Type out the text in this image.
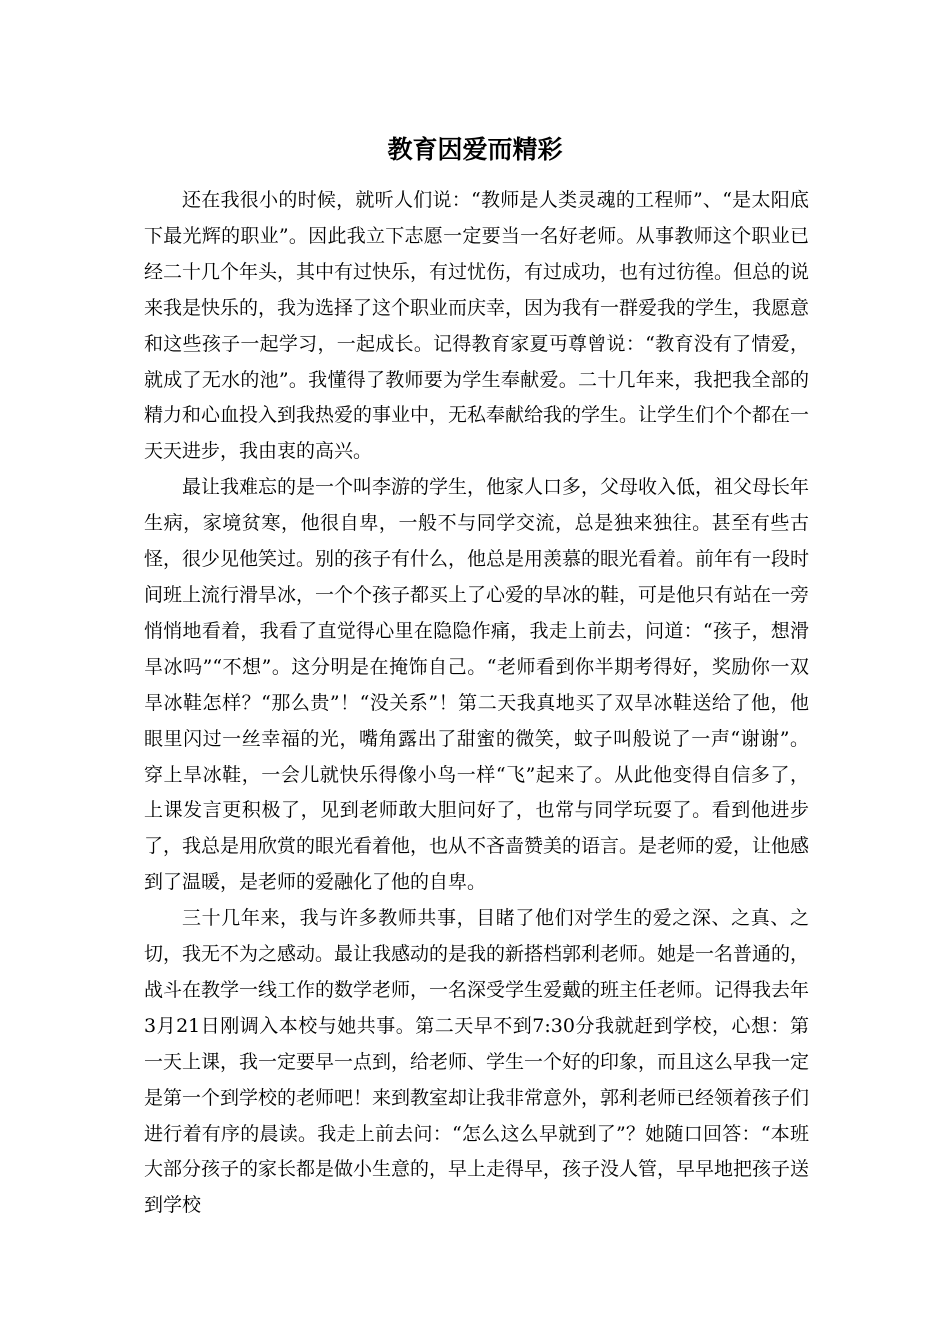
教育因爱而精彩

还在我很小的时候，就听人们说：“教师是人类灵魂的工程师”、“是太阳底下最光辉的职业”。因此我立下志愿一定要当一名好老师。从事教师这个职业已经二十几个年头，其中有过快乐，有过忧伤，有过成功，也有过彷徨。但总的说来我是快乐的，我为选择了这个职业而庆幸，因为我有一群爱我的学生，我愿意和这些孩子一起学习，一起成长。记得教育家夏丏尊曾说：“教育没有了情爱，就成了无水的池”。我懂得了教师要为学生奉献爱。二十几年来，我把我全部的精力和心血投入到我热爱的事业中，无私奉献给我的学生。让学生们个个都在一天天进步，我由衷的高兴。

最让我难忘的是一个叫李游的学生，他家人口多，父母收入低，祖父母长年生病，家境贫寒，他很自卑，一般不与同学交流，总是独来独往。甚至有些古怪，很少见他笑过。别的孩子有什么，他总是用羡慕的眼光看着。前年有一段时间班上流行滑旱冰，一个个孩子都买上了心爱的旱冰的鞋，可是他只有站在一旁悄悄地看着，我看了直觉得心里在隐隐作痛，我走上前去，问道：“孩子，想滑旱冰吗”“不想”。这分明是在掩饰自己。“老师看到你半期考得好，奖励你一双旱冰鞋怎样？“那么贵”！“没关系”！第二天我真地买了双旱冰鞋送给了他，他眼里闪过一丝幸福的光，嘴角露出了甜蜜的微笑，蚊子叫般说了一声“谢谢”。穿上旱冰鞋，一会儿就快乐得像小鸟一样“飞”起来了。从此他变得自信多了，上课发言更积极了，见到老师敢大胆问好了，也常与同学玩耍了。看到他进步了，我总是用欣赏的眼光看着他，也从不吝啬赞美的语言。是老师的爱，让他感到了温暖，是老师的爱融化了他的自卑。

三十几年来，我与许多教师共事，目睹了他们对学生的爱之深、之真、之切，我无不为之感动。最让我感动的是我的新搭档郭利老师。她是一名普通的，战斗在教学一线工作的数学老师，一名深受学生爱戴的班主任老师。记得我去年3月21日刚调入本校与她共事。第二天早不到7:30分我就赶到学校，心想：第一天上课，我一定要早一点到，给老师、学生一个好的印象，而且这么早我一定是第一个到学校的老师吧！来到教室却让我非常意外，郭利老师已经领着孩子们进行着有序的晨读。我走上前去问：“怎么这么早就到了”？她随口回答：“本班大部分孩子的家长都是做小生意的，早上走得早，孩子没人管，早早地把孩子送到学校
